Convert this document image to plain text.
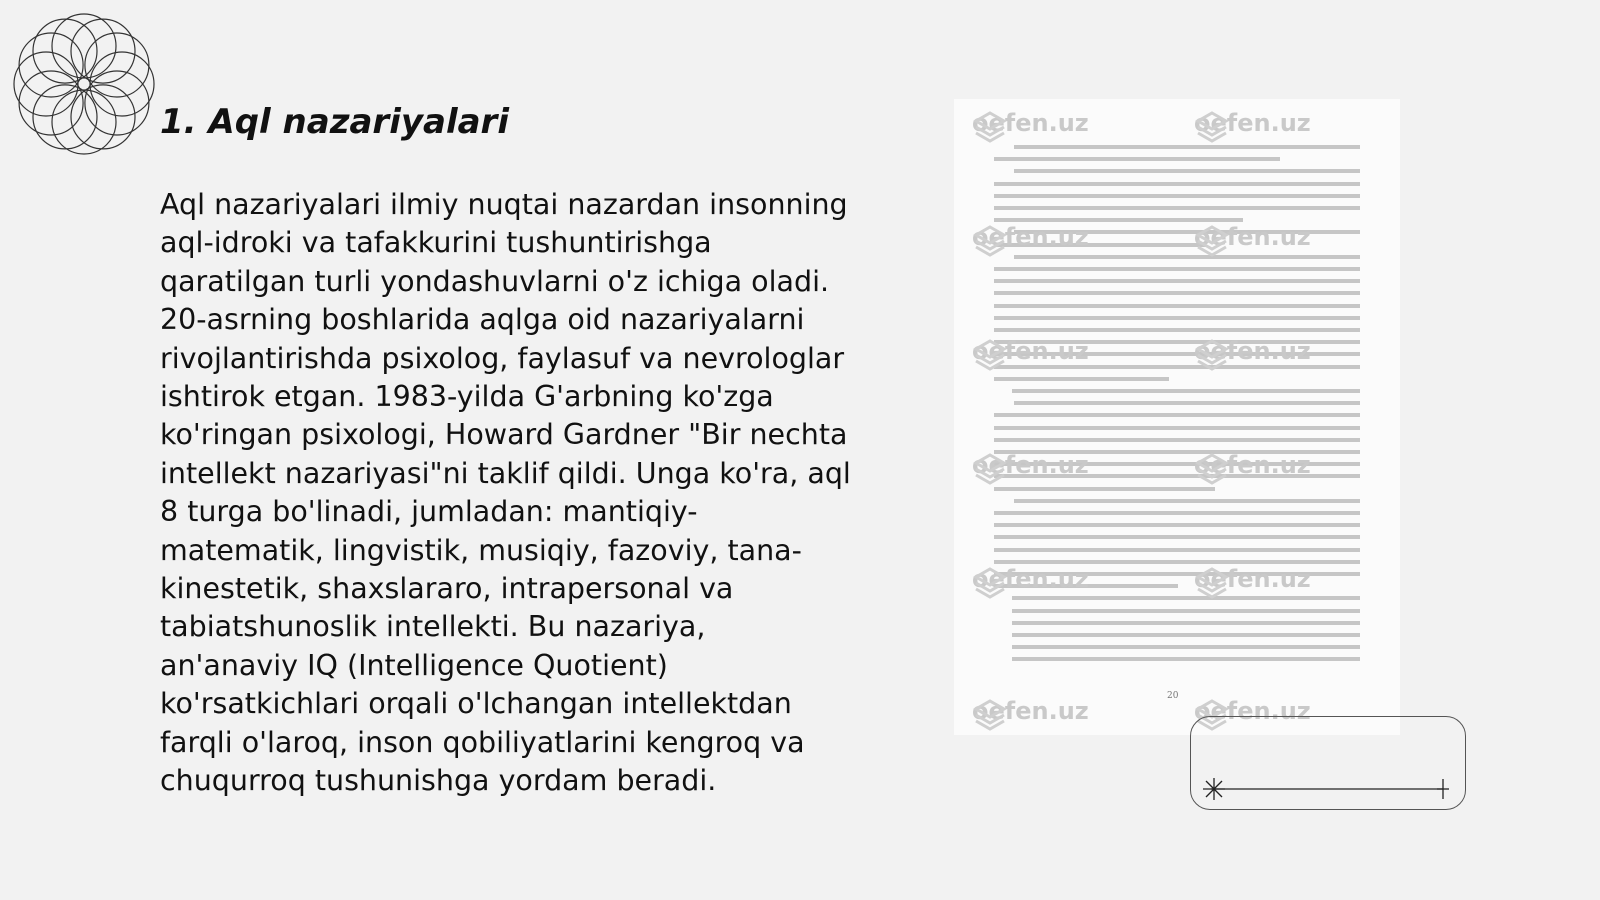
1. Aql nazariyalari

Aql nazariyalari ilmiy nuqtai nazardan insonning aql-idroki va tafakkurini tushuntirishga qaratilgan turli yondashuvlarni o'z ichiga oladi. 20-asrning boshlarida aqlga oid nazariyalarni rivojlantirishda psixolog, faylasuf va nevrologlar ishtirok etgan. 1983-yilda G'arbning ko'zga ko'ringan psixologi, Howard Gardner "Bir nechta intellekt nazariyasi"ni taklif qildi. Unga ko'ra, aql 8 turga bo'linadi, jumladan: mantiqiy-matematik, lingvistik, musiqiy, fazoviy, tana-kinestetik, shaxslararo, intrapersonal va tabiatshunoslik intellekti. Bu nazariya, an'anaviy IQ (Intelligence Quotient) ko'rsatkichlari orqali o'lchangan intellektdan farqli o'laroq, inson qobiliyatlarini kengroq va chuqurroq tushunishga yordam beradi.

20
oefen.uz	oefen.uz
oefen.uz	oefen.uz
oefen.uz	oefen.uz
oefen.uz	oefen.uz
oefen.uz	oefen.uz
oefen.uz	oefen.uz
